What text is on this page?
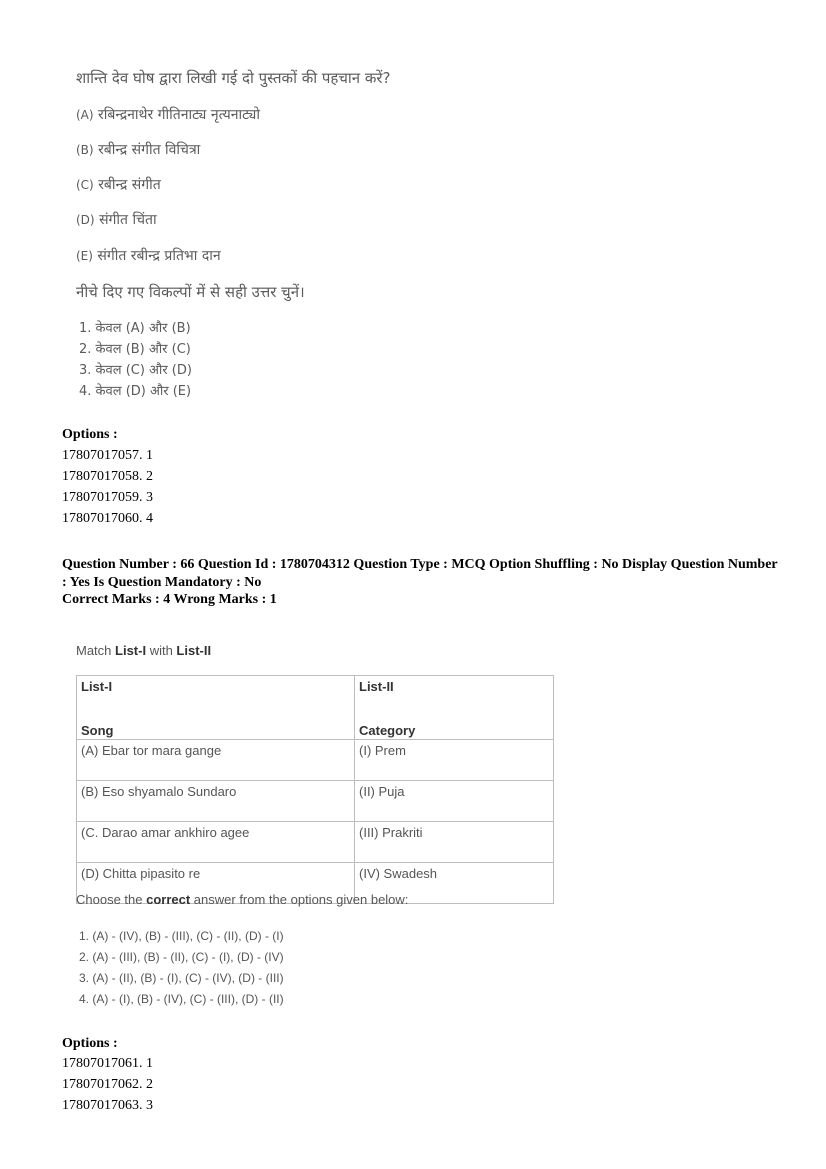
शान्ति देव घोष द्वारा लिखी गई दो पुस्तकों की पहचान करें?
(A) रबिन्द्रनाथेर गीतिनाट्य नृत्यनाट्यो
(B) रबीन्द्र संगीत विचित्रा
(C) रबीन्द्र संगीत
(D) संगीत चिंता
(E) संगीत रबीन्द्र प्रतिभा दान
नीचे दिए गए विकल्पों में से सही उत्तर चुनें।
1. केवल (A) और (B)
2. केवल (B) और (C)
3. केवल (C) और (D)
4. केवल (D) और (E)
Options :
17807017057. 1
17807017058. 2
17807017059. 3
17807017060. 4
Question Number : 66 Question Id : 1780704312 Question Type : MCQ Option Shuffling : No Display Question Number : Yes Is Question Mandatory : No
Correct Marks : 4 Wrong Marks : 1
Match List-I with List-II
List-I	List-II
Song	Category
(A) Ebar tor mara gange	(I) Prem
(B) Eso shyamalo Sundaro	(II) Puja
(C. Darao amar ankhiro agee	(III) Prakriti
(D) Chitta pipasito re	(IV) Swadesh
Choose the correct answer from the options given below:
1. (A) - (IV), (B) - (III), (C) - (II), (D) - (I)
2. (A) - (III), (B) - (II), (C) - (I), (D) - (IV)
3. (A) - (II), (B) - (I), (C) - (IV), (D) - (III)
4. (A) - (I), (B) - (IV), (C) - (III), (D) - (II)
Options :
17807017061. 1
17807017062. 2
17807017063. 3
